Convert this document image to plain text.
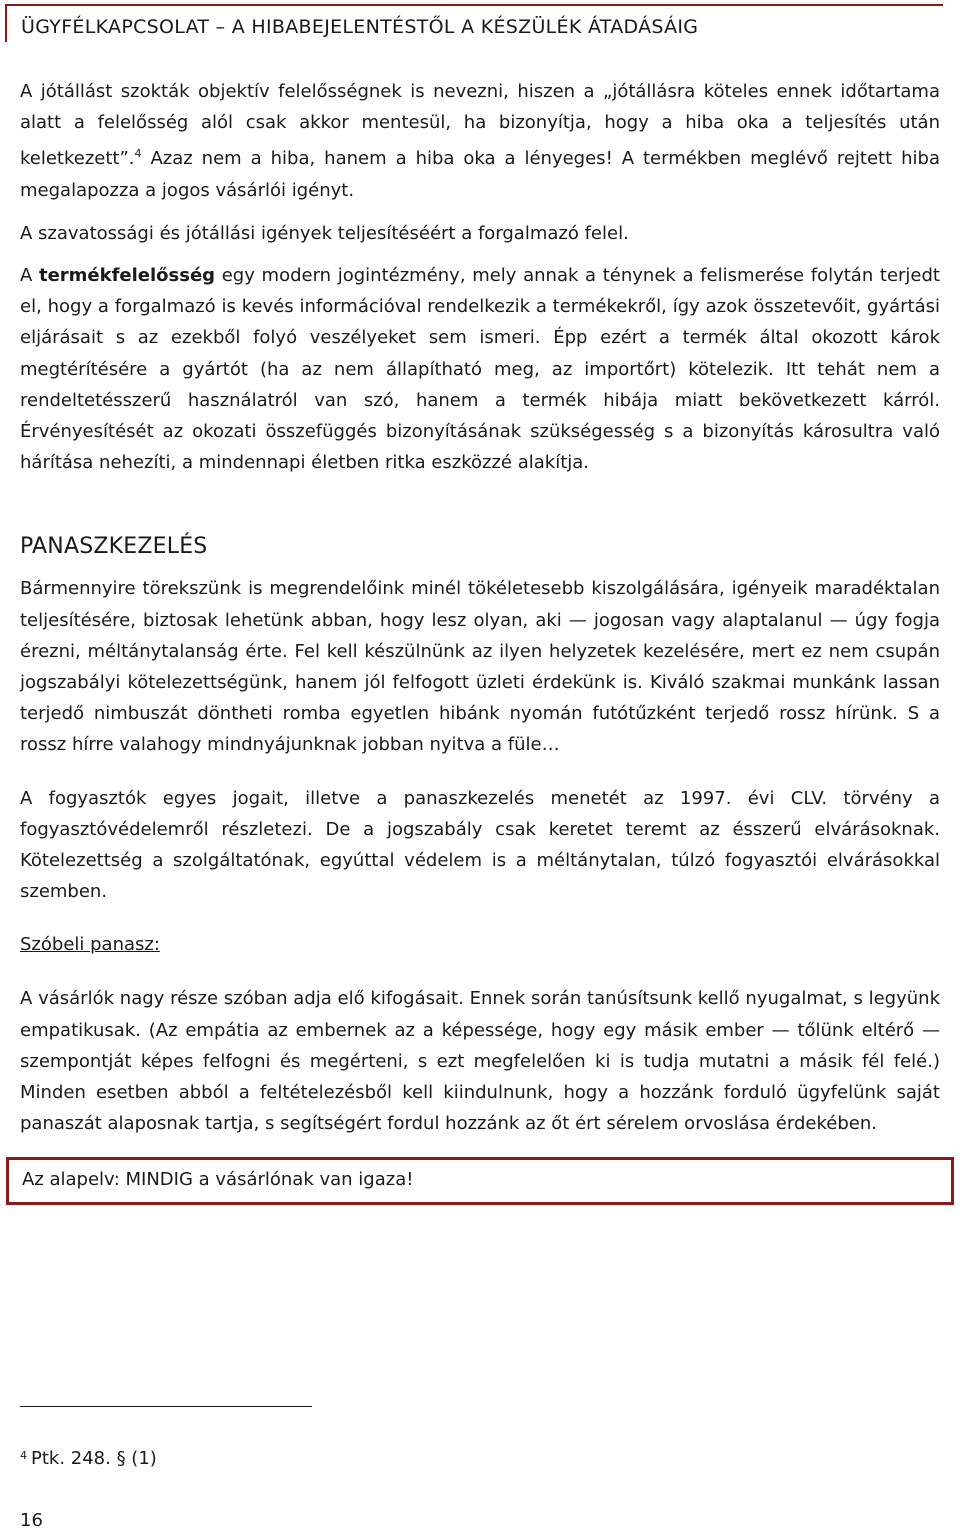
ÜGYFÉLKAPCSOLAT – A HIBABEJELENTÉSTŐL A KÉSZÜLÉK ÁTADÁSÁIG

A jótállást szokták objektív felelősségnek is nevezni, hiszen a „jótállásra köteles ennek időtartama alatt a felelősség alól csak akkor mentesül, ha bizonyítja, hogy a hiba oka a teljesítés után keletkezett”.$^4$ Azaz nem a hiba, hanem a hiba oka a lényeges! A termékben meglévő rejtett hiba megalapozza a jogos vásárlói igényt.

A szavatossági és jótállási igények teljesítéséért a forgalmazó felel.

A termékfelelősség egy modern jogintézmény, mely annak a ténynek a felismerése folytán terjedt el, hogy a forgalmazó is kevés információval rendelkezik a termékekről, így azok összetevőit, gyártási eljárásait s az ezekből folyó veszélyeket sem ismeri. Épp ezért a termék által okozott károk megtérítésére a gyártót (ha az nem állapítható meg, az importőrt) kötelezik. Itt tehát nem a rendeltetésszerű használatról van szó, hanem a termék hibája miatt bekövetkezett kárról. Érvényesítését az okozati összefüggés bizonyításának szükségesség s a bizonyítás károsultra való hárítása nehezíti, a mindennapi életben ritka eszközzé alakítja.

PANASZKEZELÉS

Bármennyire törekszünk is megrendelőink minél tökéletesebb kiszolgálására, igényeik maradéktalan teljesítésére, biztosak lehetünk abban, hogy lesz olyan, aki — jogosan vagy alaptalanul — úgy fogja érezni, méltánytalanság érte. Fel kell készülnünk az ilyen helyzetek kezelésére, mert ez nem csupán jogszabályi kötelezettségünk, hanem jól felfogott üzleti érdekünk is. Kiváló szakmai munkánk lassan terjedő nimbuszát döntheti romba egyetlen hibánk nyomán futótűzként terjedő rossz hírünk. S a rossz hírre valahogy mindnyájunknak jobban nyitva a füle…

A fogyasztók egyes jogait, illetve a panaszkezelés menetét az 1997. évi CLV. törvény a fogyasztóvédelemről részletezi. De a jogszabály csak keretet teremt az ésszerű elvárásoknak. Kötelezettség a szolgáltatónak, egyúttal védelem is a méltánytalan, túlzó fogyasztói elvárásokkal szemben.

Szóbeli panasz:

A vásárlók nagy része szóban adja elő kifogásait. Ennek során tanúsítsunk kellő nyugalmat, s legyünk empatikusak. (Az empátia az embernek az a képessége, hogy egy másik ember — tőlünk eltérő — szempontját képes felfogni és megérteni, s ezt megfelelően ki is tudja mutatni a másik fél felé.) Minden esetben abból a feltételezésből kell kiindulnunk, hogy a hozzánk forduló ügyfelünk saját panaszát alaposnak tartja, s segítségért fordul hozzánk az őt ért sérelem orvoslása érdekében.

Az alapelv: MINDIG a vásárlónak van igaza!
$^4$ Ptk. 248. § (1)
16
